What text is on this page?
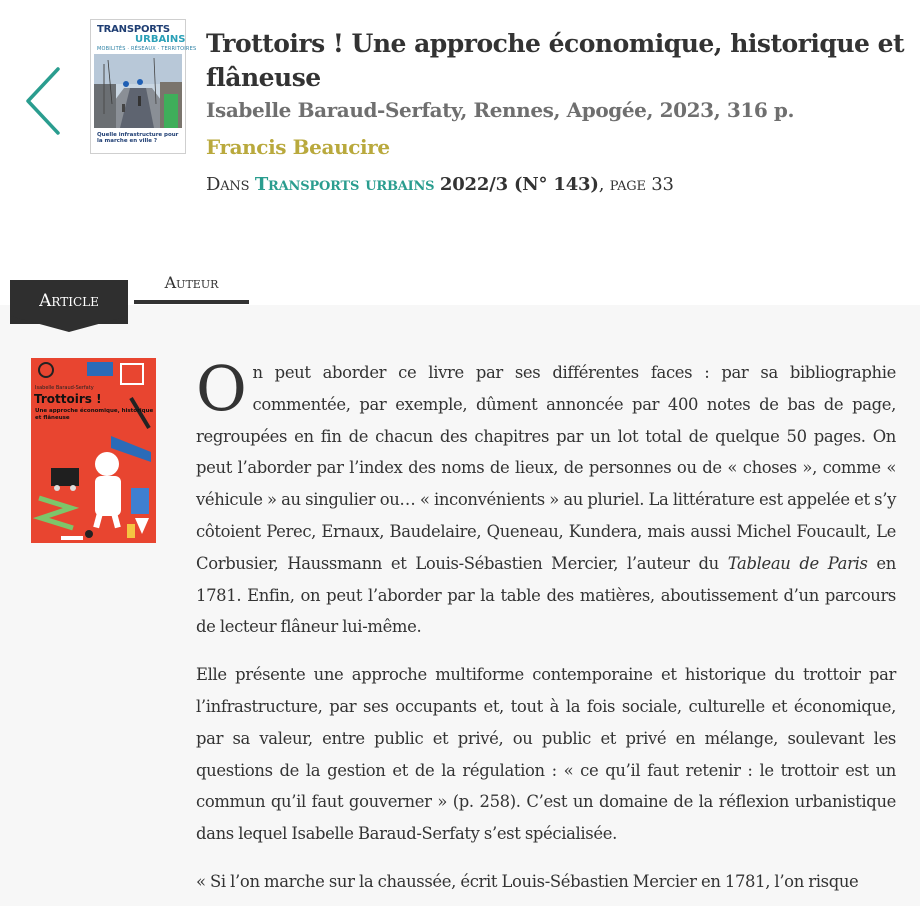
TRANSPORTS
URBAINS
MOBILITÉS · RÉSEAUX · TERRITOIRES
Quelle infrastructure pour la marche en ville ?
Trottoirs ! Une approche économique, historique et flâneuse
Isabelle Baraud-Serfaty, Rennes, Apogée, 2023, 316 p.
Francis Beaucire
Dans Transports urbains 2022/3 (N° 143), page 33
Article
Auteur
Isabelle Baraud-Serfaty
Trottoirs !
Une approche économique, historique et flâneuse	On peut aborder ce livre par ses différentes faces : par sa bibliographie commentée, par exemple, dûment annoncée par 400 notes de bas de page, regroupées en fin de chacun des chapitres par un lot total de quelque 50 pages. On peut l’aborder par l’index des noms de lieux, de personnes ou de « choses », comme « véhicule » au singulier ou… « inconvénients » au pluriel. La littérature est appelée et s’y côtoient Perec, Ernaux, Baudelaire, Queneau, Kundera, mais aussi Michel Foucault, Le Corbusier, Haussmann et Louis-Sébastien Mercier, l’auteur du Tableau de Paris en 1781. Enfin, on peut l’aborder par la table des matières, aboutissement d’un parcours de lecteur flâneur lui-même.

Elle présente une approche multiforme contemporaine et historique du trottoir par l’infrastructure, par ses occupants et, tout à la fois sociale, culturelle et économique, par sa valeur, entre public et privé, ou public et privé en mélange, soulevant les questions de la gestion et de la régulation : « ce qu’il faut retenir : le trottoir est un commun qu’il faut gouverner » (p. 258). C’est un domaine de la réflexion urbanistique dans lequel Isabelle Baraud-Serfaty s’est spécialisée.

« Si l’on marche sur la chaussée, écrit Louis-Sébastien Mercier en 1781, l’on risque
